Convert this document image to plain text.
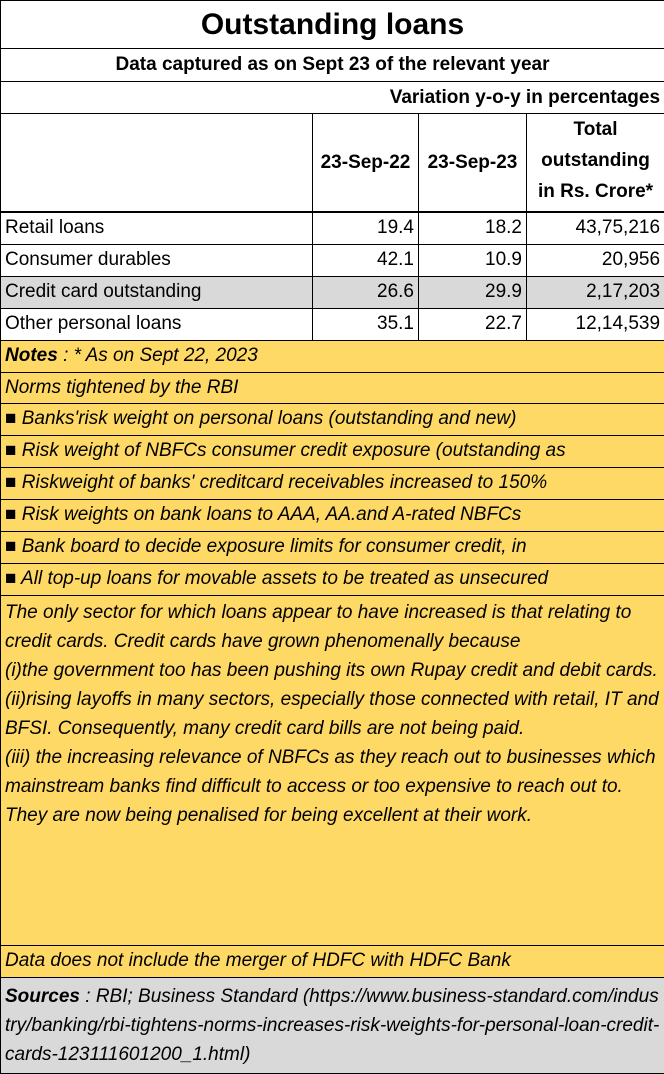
Outstanding loans			
Data captured as on Sept 23 of the relevant year			
Variation y-o-y in percentages			
	23-Sep-22	23-Sep-23	Total outstanding in Rs. Crore*
Retail loans	19.4	18.2	43,75,216
Consumer durables	42.1	10.9	20,956
Credit card outstanding	26.6	29.9	2,17,203
Other personal loans	35.1	22.7	12,14,539
Notes : * As on Sept 22, 2023			
Norms tightened by the RBI			
■ Banks'risk weight on personal loans (outstanding and new)			
■ Risk weight of NBFCs consumer credit exposure (outstanding as			
■ Riskweight of banks' creditcard receivables increased to 150%			
■ Risk weights on bank loans to AAA, AA.and A-rated NBFCs			
■ Bank board to decide exposure limits for consumer credit, in			
■ All top-up loans for movable assets to be treated as unsecured			

The only sector for which loans appear to have increased is that relating to credit cards. Credit cards have grown phenomenally because
(i)the government too has been pushing its own Rupay credit and debit cards.
(ii)rising layoffs in many sectors, especially those connected with retail, IT and BFSI. Consequently, many credit card bills are not being paid.
(iii) the increasing relevance of NBFCs as they reach out to businesses which mainstream banks find difficult to access or too expensive to reach out to. They are now being penalised for being excellent at their work.			

Data does not include the merger of HDFC with HDFC Bank			
Sources : RBI; Business Standard (https://www.business-standard.com/industry/banking/rbi-tightens-norms-increases-risk-weights-for-personal-loan-credit-cards-123111601200_1.html)			
